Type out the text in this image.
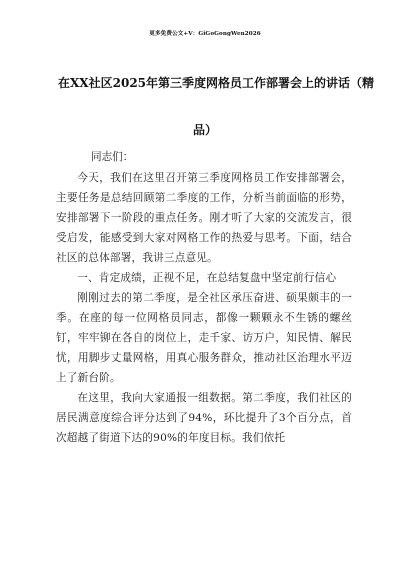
更多免费公文+V：GiGoGongWen2026
在XX社区2025年第三季度网格员工作部署会上的讲话（精
品）
同志们：

今天，我们在这里召开第三季度网格员工作安排部署会，主要任务是总结回顾第二季度的工作，分析当前面临的形势，安排部署下一阶段的重点任务。刚才听了大家的交流发言，很受启发，能感受到大家对网格工作的热爱与思考。下面，结合社区的总体部署，我讲三点意见。

一、肯定成绩，正视不足，在总结复盘中坚定前行信心

刚刚过去的第二季度，是全社区承压奋进、硕果颇丰的一季。在座的每一位网格员同志，都像一颗颗永不生锈的螺丝钉，牢牢铆在各自的岗位上，走千家、访万户，知民情、解民忧，用脚步丈量网格，用真心服务群众，推动社区治理水平迈上了新台阶。

在这里，我向大家通报一组数据。第二季度，我们社区的居民满意度综合评分达到了94%，环比提升了3个百分点，首次超越了街道下达的90%的年度目标。我们依托
